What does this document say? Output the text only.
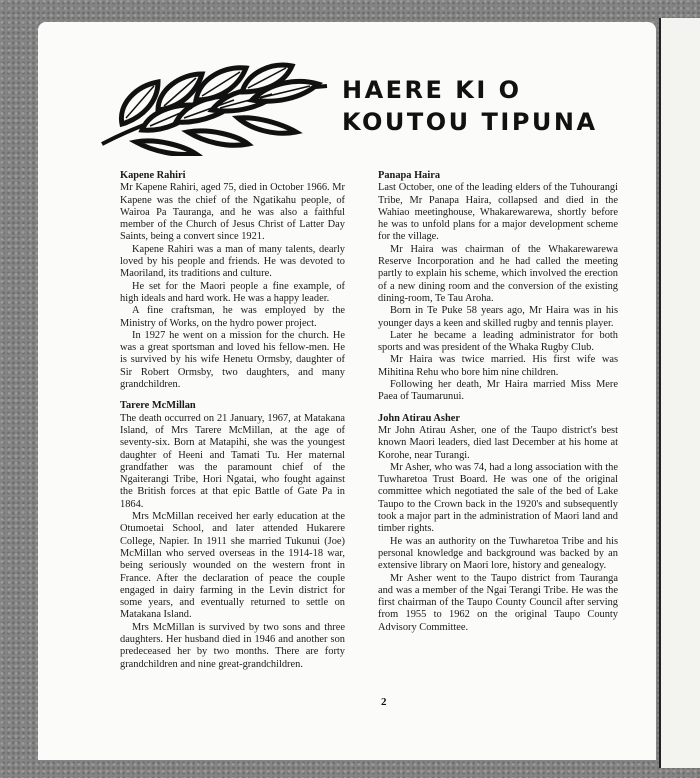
HAERE KI O
KOUTOU TIPUNA
Kapene Rahiri

Mr Kapene Rahiri, aged 75, died in October 1966. Mr Kapene was the chief of the Ngatikahu people, of Wairoa Pa Tauranga, and he was also a faithful member of the Church of Jesus Christ of Latter Day Saints, being a convert since 1921.

Kapene Rahiri was a man of many talents, dearly loved by his people and friends. He was devoted to Maoriland, its traditions and culture.

He set for the Maori people a fine example, of high ideals and hard work. He was a happy leader.

A fine craftsman, he was employed by the Ministry of Works, on the hydro power project.

In 1927 he went on a mission for the church. He was a great sportsman and loved his fellow-men. He is survived by his wife Henetu Ormsby, daughter of Sir Robert Ormsby, two daughters, and many grandchildren.

Tarere McMillan

The death occurred on 21 January, 1967, at Matakana Island, of Mrs Tarere McMillan, at the age of seventy-six. Born at Matapihi, she was the youngest daughter of Heeni and Tamati Tu. Her maternal grandfather was the paramount chief of the Ngaiterangi Tribe, Hori Ngatai, who fought against the British forces at that epic Battle of Gate Pa in 1864.

Mrs McMillan received her early education at the Otumoetai School, and later attended Hukarere College, Napier. In 1911 she married Tukunui (Joe) McMillan who served overseas in the 1914-18 war, being seriously wounded on the western front in France. After the declaration of peace the couple engaged in dairy farming in the Levin district for some years, and eventually returned to settle on Matakana Island.

Mrs McMillan is survived by two sons and three daughters. Her husband died in 1946 and another son predeceased her by two months. There are forty grandchildren and nine great-grandchildren.

Panapa Haira

Last October, one of the leading elders of the Tuhourangi Tribe, Mr Panapa Haira, collapsed and died in the Wahiao meetinghouse, Whakarewarewa, shortly before he was to unfold plans for a major development scheme for the village.

Mr Haira was chairman of the Whakarewarewa Reserve Incorporation and he had called the meeting partly to explain his scheme, which involved the erection of a new dining room and the conversion of the existing dining-room, Te Tau Aroha.

Born in Te Puke 58 years ago, Mr Haira was in his younger days a keen and skilled rugby and tennis player.

Later he became a leading administrator for both sports and was president of the Whaka Rugby Club.

Mr Haira was twice married. His first wife was Mihitina Rehu who bore him nine children.

Following her death, Mr Haira married Miss Mere Paea of Taumarunui.

John Atirau Asher

Mr John Atirau Asher, one of the Taupo district's best known Maori leaders, died last December at his home at Korohe, near Turangi.

Mr Asher, who was 74, had a long association with the Tuwharetoa Trust Board. He was one of the original committee which negotiated the sale of the bed of Lake Taupo to the Crown back in the 1920's and subsequently took a major part in the administration of Maori land and timber rights.

He was an authority on the Tuwharetoa Tribe and his personal knowledge and background was backed by an extensive library on Maori lore, history and genealogy.

Mr Asher went to the Taupo district from Tauranga and was a member of the Ngai Terangi Tribe. He was the first chairman of the Taupo County Council after serving from 1955 to 1962 on the original Taupo County Advisory Committee.

2
